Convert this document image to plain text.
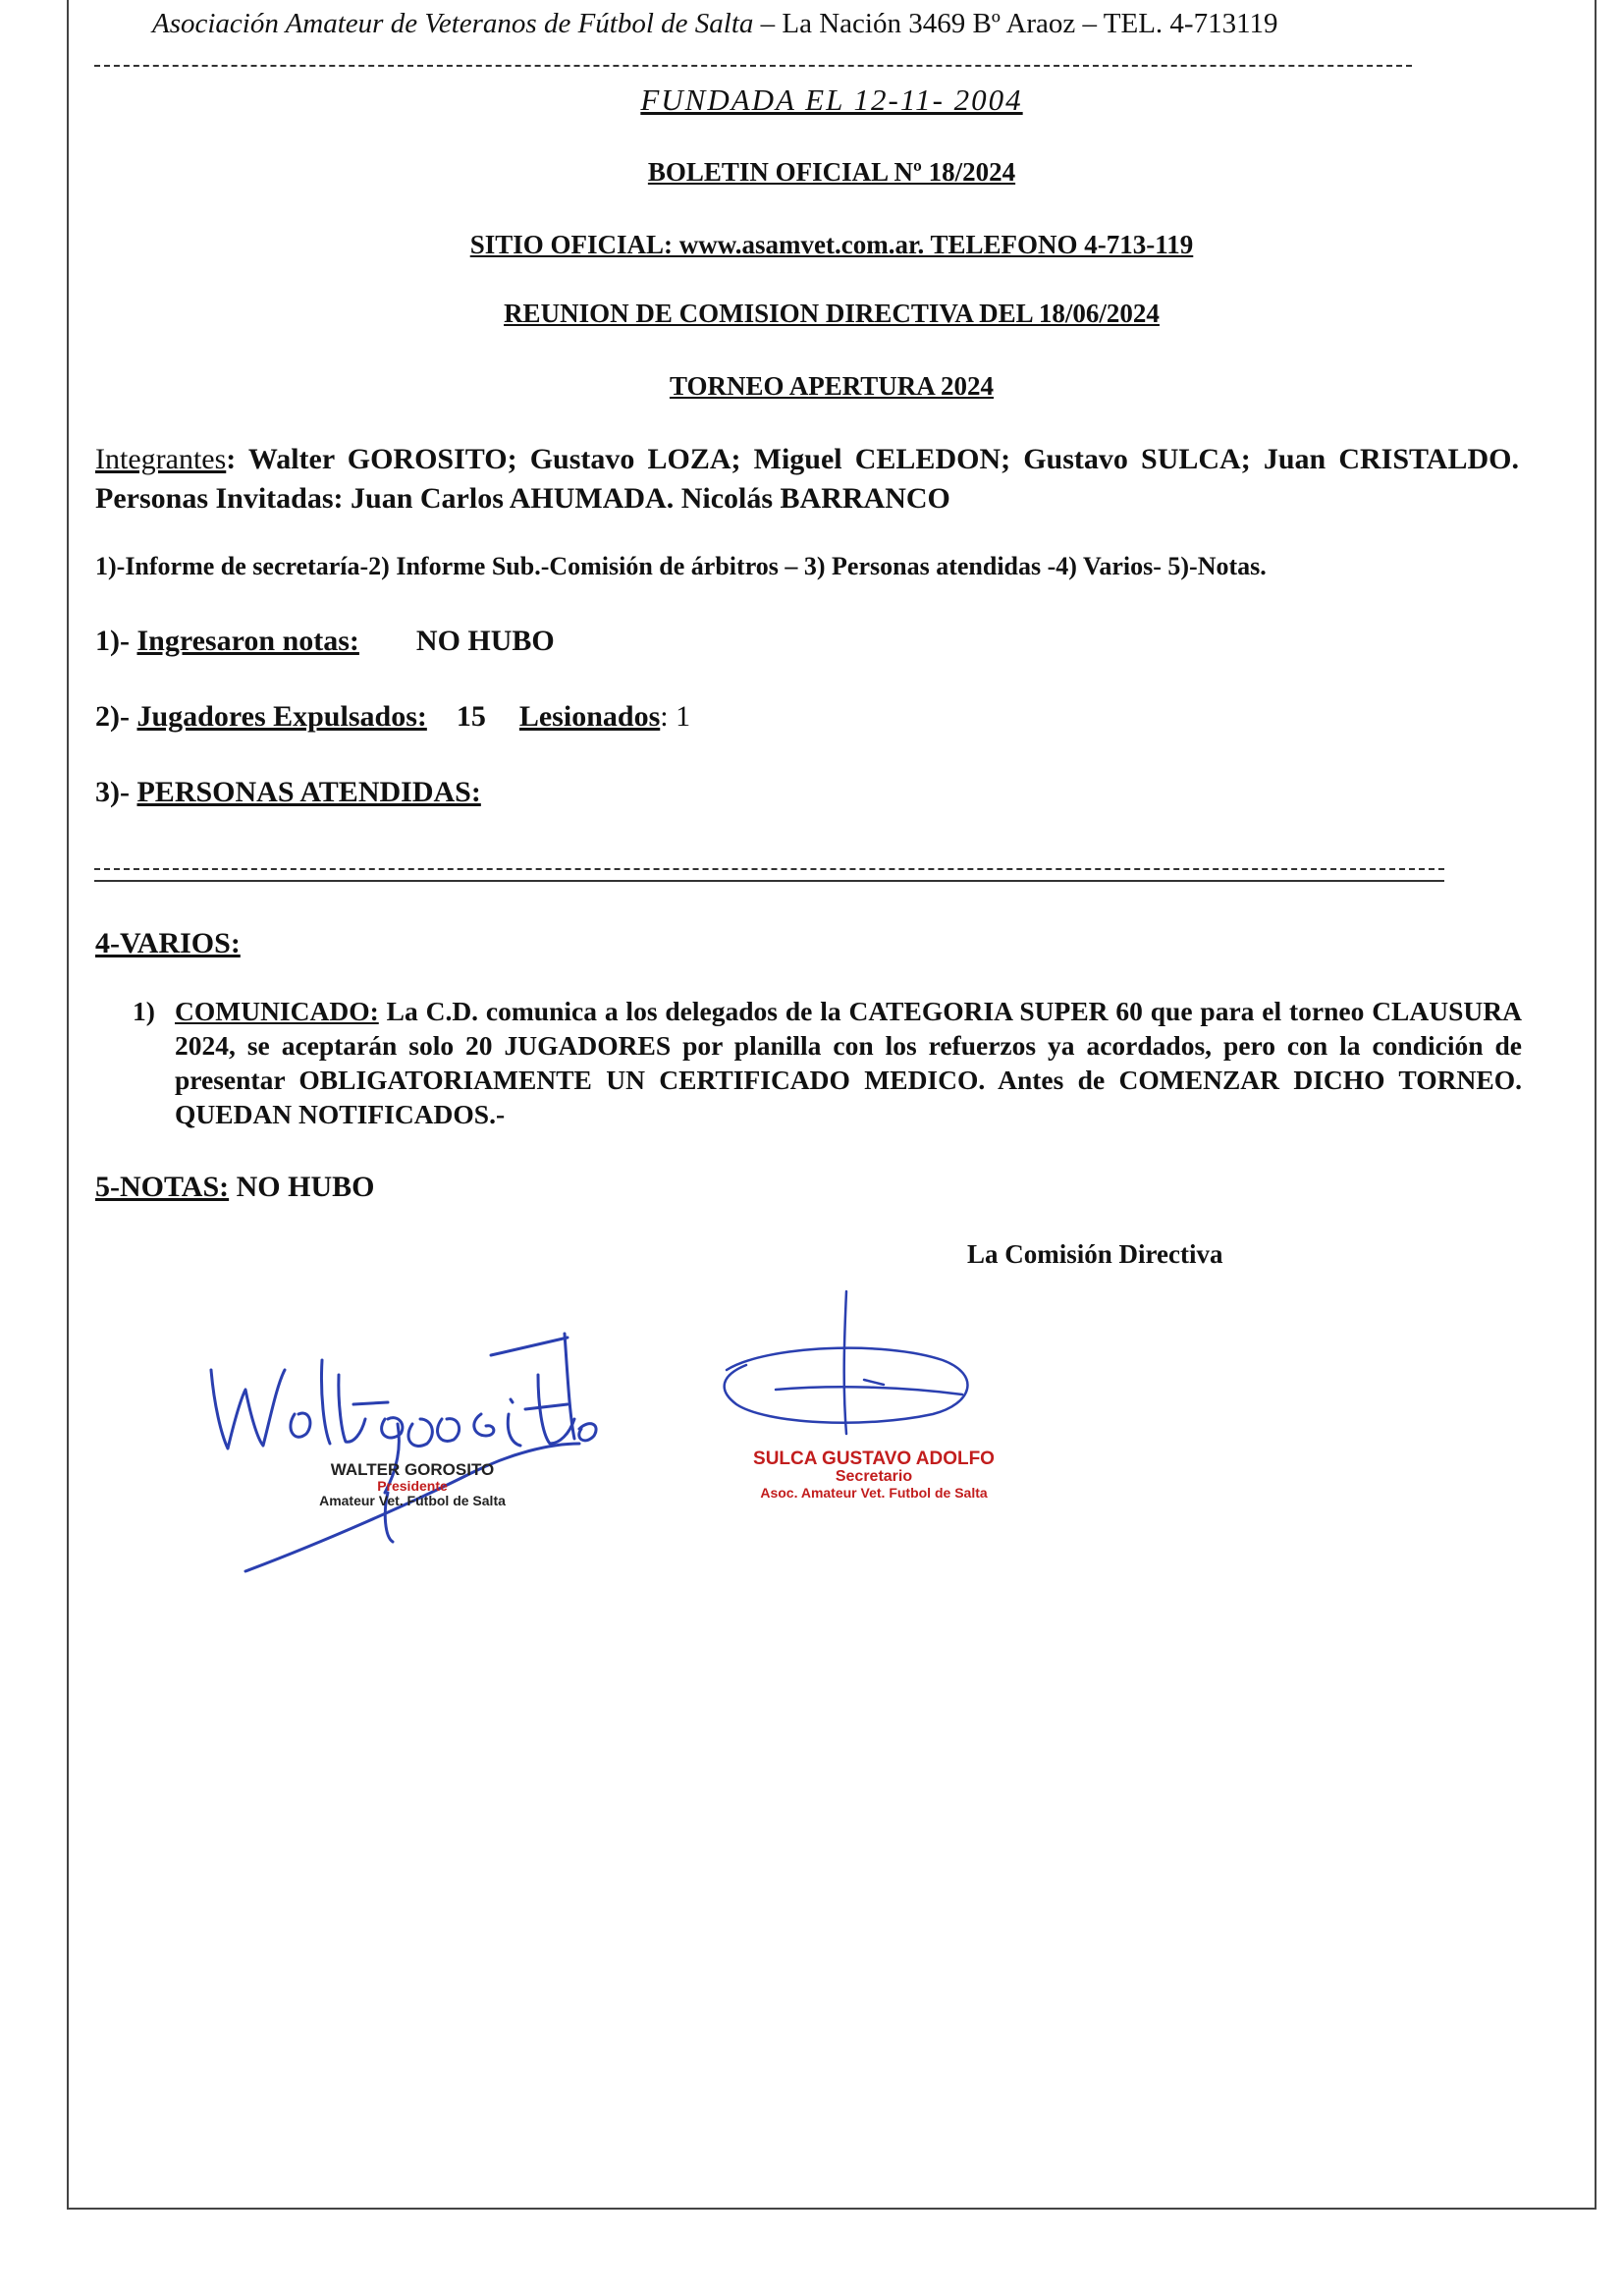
Asociación Amateur de Veteranos de Fútbol de Salta – La Nación 3469 Bº Araoz – TEL. 4-713119
FUNDADA EL 12-11- 2004
BOLETIN OFICIAL Nº 18/2024
SITIO OFICIAL: www.asamvet.com.ar. TELEFONO 4-713-119
REUNION DE COMISION DIRECTIVA DEL 18/06/2024
TORNEO APERTURA 2024
Integrantes: Walter GOROSITO; Gustavo LOZA; Miguel CELEDON; Gustavo SULCA; Juan CRISTALDO. Personas Invitadas: Juan Carlos AHUMADA. Nicolás BARRANCO
1)-Informe de secretaría-2) Informe Sub.-Comisión de árbitros – 3) Personas atendidas -4) Varios- 5)-Notas.
1)- Ingresaron notas: NO HUBO
2)- Jugadores Expulsados: 15 Lesionados: 1
3)- PERSONAS ATENDIDAS:
4-VARIOS:
1) COMUNICADO: La C.D. comunica a los delegados de la CATEGORIA SUPER 60 que para el torneo CLAUSURA 2024, se aceptarán solo 20 JUGADORES por planilla con los refuerzos ya acordados, pero con la condición de presentar OBLIGATORIAMENTE UN CERTIFICADO MEDICO. Antes de COMENZAR DICHO TORNEO. QUEDAN NOTIFICADOS.-
5-NOTAS: NO HUBO
La Comisión Directiva
WALTER GOROSITO
Presidente
Amateur Vet. Fútbol de Salta
SULCA GUSTAVO ADOLFO
Secretario
Asoc. Amateur Vet. Futbol de Salta
